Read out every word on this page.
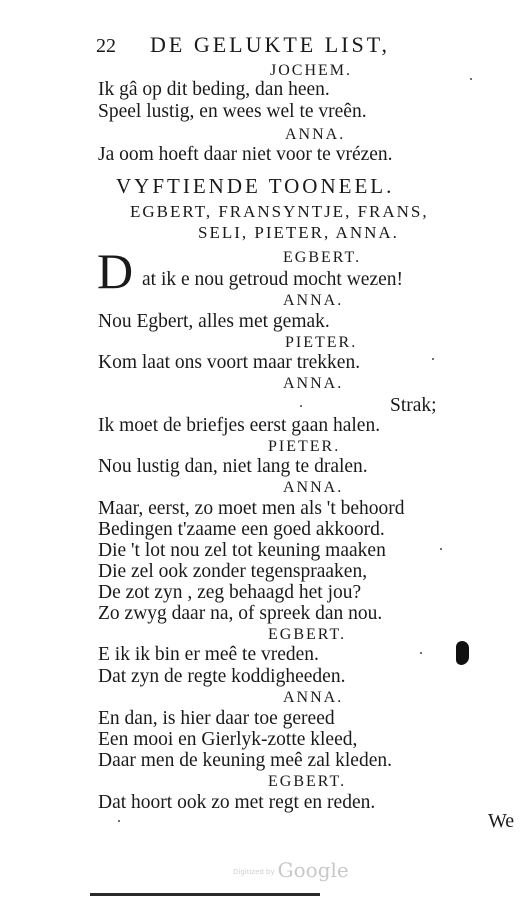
22 DE GELUKTE LIST,
JOCHEM.
Ik gâ op dit beding, dan heen.
Speel lustig, en wees wel te vreên.
ANNA.
Ja oom hoeft daar niet voor te vrézen.
VYFTIENDE TOONEEL.
EGBERT, FRANSYNTJE, FRANS,
SELI, PIETER, ANNA.
D	EGBERT.
at ik e nou getroud mocht wezen!
ANNA.
Nou Egbert, alles met gemak.
PIETER.
Kom laat ons voort maar trekken.
ANNA.
Strak;
Ik moet de briefjes eerst gaan halen.
PIETER.
Nou lustig dan, niet lang te dralen.
ANNA.
Maar, eerst, zo moet men als 't behoord
Bedingen t'zaame een goed akkoord.
Die 't lot nou zel tot keuning maaken
Die zel ook zonder tegenspraaken,
De zot zyn , zeg behaagd het jou?
Zo zwyg daar na, of spreek dan nou.
EGBERT.
E ik ik bin er meê te vreden.
Dat zyn de regte koddigheeden.
ANNA.
En dan, is hier daar toe gereed
Een mooi en Gierlyk-zotte kleed,
Daar men de keuning meê zal kleden.
EGBERT.
Dat hoort ook zo met regt en reden.
We
Digitized by Google
